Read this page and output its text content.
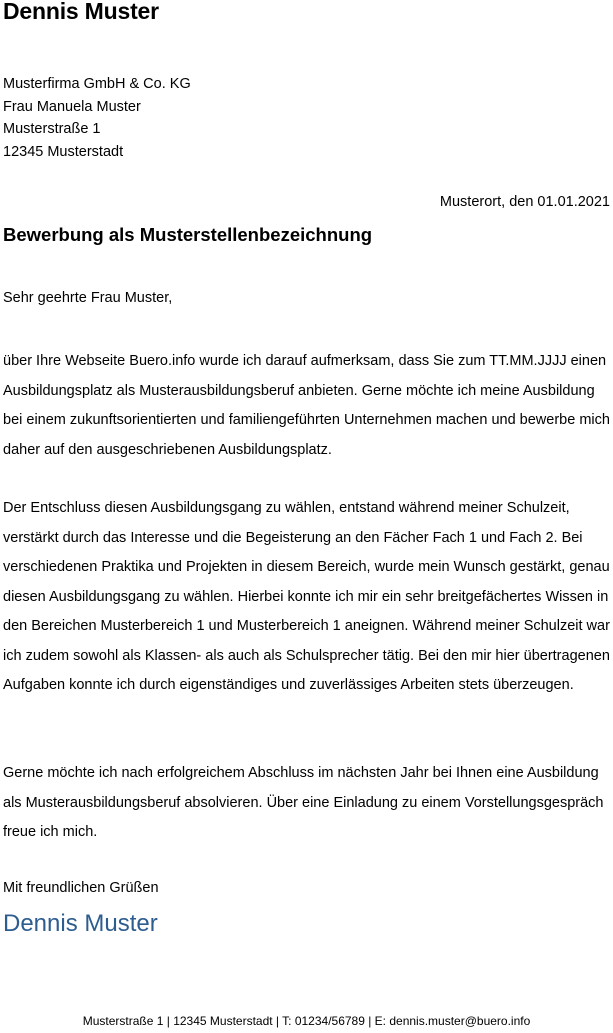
Dennis Muster
Musterfirma GmbH & Co. KG
Frau Manuela Muster
Musterstraße 1
12345 Musterstadt
Musterort, den 01.01.2021
Bewerbung als Musterstellenbezeichnung
Sehr geehrte Frau Muster,

über Ihre Webseite Buero.info wurde ich darauf aufmerksam, dass Sie zum TT.MM.JJJJ einen Ausbildungsplatz als Musterausbildungsberuf anbieten. Gerne möchte ich meine Ausbildung bei einem zukunftsorientierten und familiengeführten Unternehmen machen und bewerbe mich daher auf den ausgeschriebenen Ausbildungsplatz.

Der Entschluss diesen Ausbildungsgang zu wählen, entstand während meiner Schulzeit, verstärkt durch das Interesse und die Begeisterung an den Fächer Fach 1 und Fach 2. Bei verschiedenen Praktika und Projekten in diesem Bereich, wurde mein Wunsch gestärkt, genau diesen Ausbildungsgang zu wählen. Hierbei konnte ich mir ein sehr breitgefächertes Wissen in den Bereichen Musterbereich 1 und Musterbereich 1 aneignen. Während meiner Schulzeit war ich zudem sowohl als Klassen- als auch als Schulsprecher tätig. Bei den mir hier übertragenen Aufgaben konnte ich durch eigenständiges und zuverlässiges Arbeiten stets überzeugen.

Gerne möchte ich nach erfolgreichem Abschluss im nächsten Jahr bei Ihnen eine Ausbildung als Musterausbildungsberuf absolvieren. Über eine Einladung zu einem Vorstellungsgespräch freue ich mich.

Mit freundlichen Grüßen
Dennis Muster
Musterstraße 1 | 12345 Musterstadt | T: 01234/56789 | E: dennis.muster@buero.info
